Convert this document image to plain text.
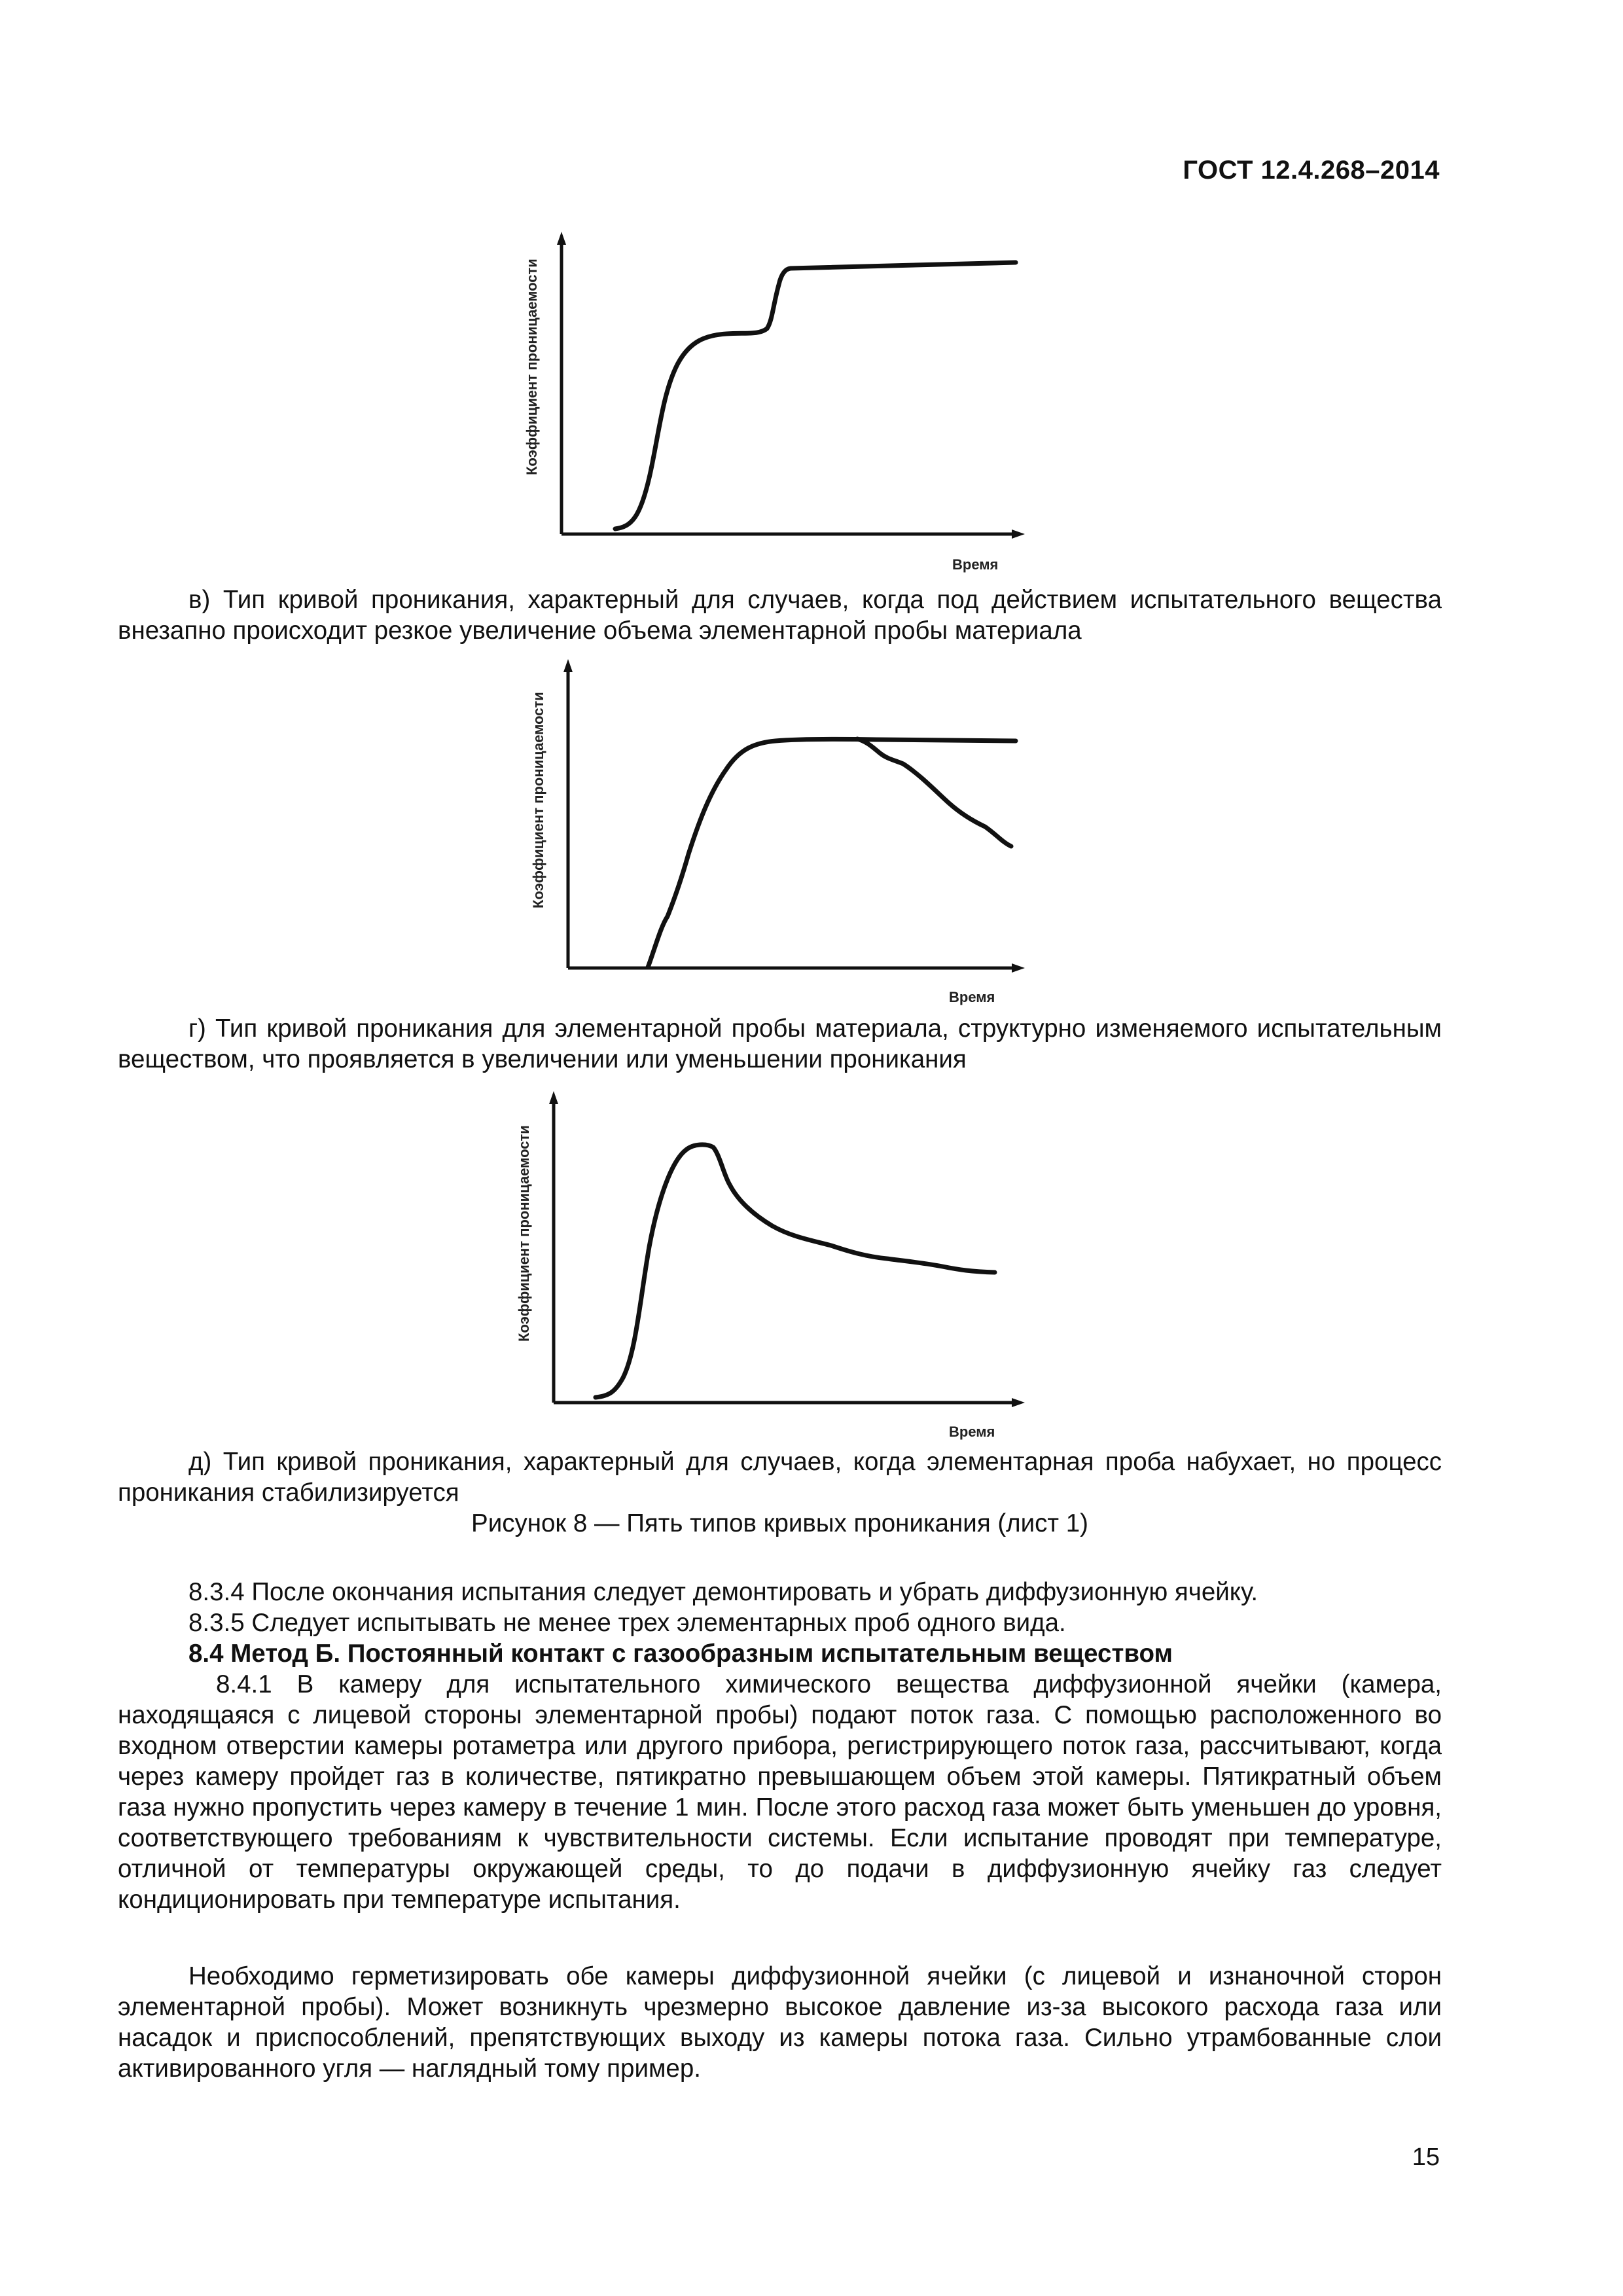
ГОСТ 12.4.268–2014
Коэффициент проницаемости
Время
в) Тип кривой проникания, характерный для случаев, когда под действием испытательного вещества внезапно происходит резкое увеличение объема элементарной пробы материала
Коэффициент проницаемости
Время
г) Тип кривой проникания для элементарной пробы материала, структурно изменяемого испытательным веществом, что проявляется в увеличении или уменьшении проникания
Коэффициент проницаемости
Время
д) Тип кривой проникания, характерный для случаев, когда элементарная проба набухает, но процесс проникания стабилизируется
Рисунок 8 — Пять типов кривых проникания (лист 1)
8.3.4 После окончания испытания следует демонтировать и убрать диффузионную ячейку.
8.3.5 Следует испытывать не менее трех элементарных проб одного вида.
8.4 Метод Б. Постоянный контакт с газообразным испытательным веществом
8.4.1 В камеру для испытательного химического вещества диффузионной ячейки (камера, находящаяся с лицевой стороны элементарной пробы) подают поток газа. С помощью расположенного во входном отверстии камеры ротаметра или другого прибора, регистрирующего поток газа, рассчитывают, когда через камеру пройдет газ в количестве, пятикратно превышающем объем этой камеры. Пятикратный объем газа нужно пропустить через камеру в течение 1 мин. После этого расход газа может быть уменьшен до уровня, соответствующего требованиям к чувствительности системы. Если испытание проводят при температуре, отличной от температуры окружающей среды, то до подачи в диффузионную ячейку газ следует кондиционировать при температуре испытания.
Необходимо герметизировать обе камеры диффузионной ячейки (с лицевой и изнаночной сторон элементарной пробы). Может возникнуть чрезмерно высокое давление из-за высокого расхода газа или насадок и приспособлений, препятствующих выходу из камеры потока газа. Сильно утрамбованные слои активированного угля — наглядный тому пример.
15
